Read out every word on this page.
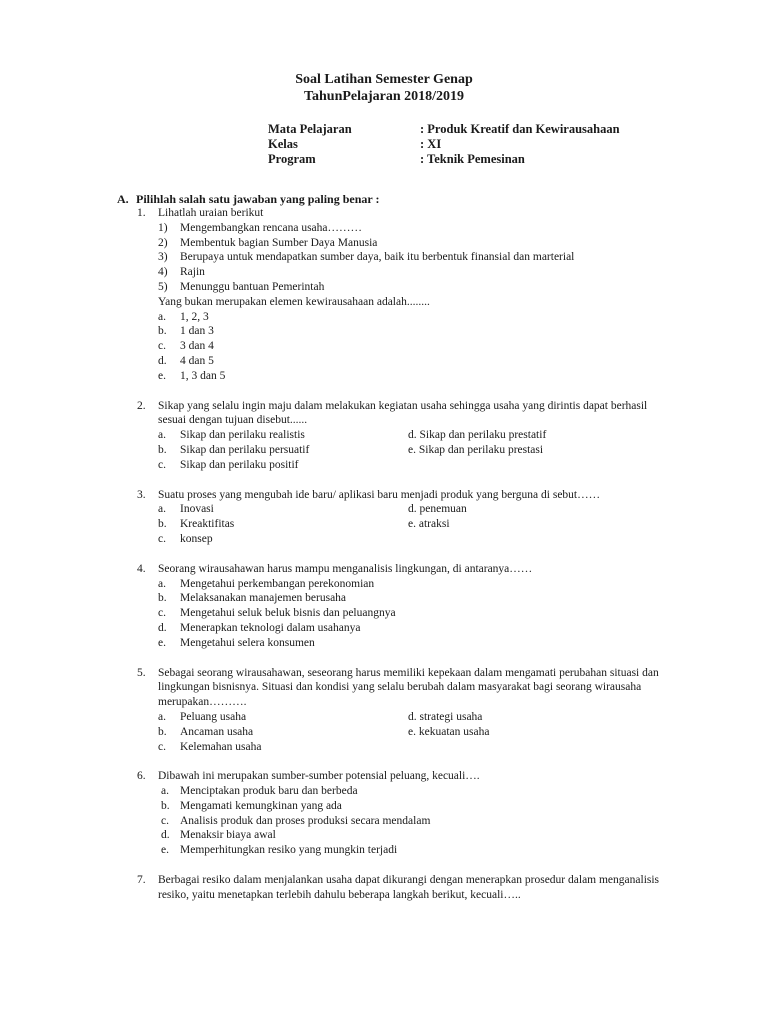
Soal Latihan Semester Genap
TahunPelajaran 2018/2019
Mata Pelajaran	: Produk Kreatif dan Kewirausahaan
Kelas	: XI
Program	: Teknik Pemesinan
A. Pilihlah salah satu jawaban yang paling benar :
1.	Lihatlah uraian berikut
1)	Mengembangkan rencana usaha………
2)	Membentuk bagian Sumber Daya Manusia
3)	Berupaya untuk mendapatkan sumber daya, baik itu berbentuk finansial dan marterial
4)	Rajin
5)	Menunggu bantuan Pemerintah
Yang bukan merupakan elemen kewirausahaan adalah........
a.	1, 2, 3
b.	1 dan 3
c.	3 dan 4
d.	4 dan 5
e.	1, 3 dan 5
2.	Sikap yang selalu ingin maju dalam melakukan kegiatan usaha sehingga usaha yang dirintis dapat berhasil sesuai dengan tujuan disebut......
a.	Sikap dan perilaku realistis	d. Sikap dan perilaku prestatif
b.	Sikap dan perilaku persuatif	e. Sikap dan perilaku prestasi
c.	Sikap dan perilaku positif
3.	Suatu proses yang mengubah ide baru/ aplikasi baru menjadi produk yang berguna di sebut……
a.	Inovasi	d. penemuan
b.	Kreaktifitas	e. atraksi
c.	konsep
4.	Seorang wirausahawan harus mampu menganalisis lingkungan, di antaranya……
a.	Mengetahui perkembangan perekonomian
b.	Melaksanakan manajemen berusaha
c.	Mengetahui seluk beluk bisnis dan peluangnya
d.	Menerapkan teknologi dalam usahanya
e.	Mengetahui selera konsumen
5.	Sebagai seorang wirausahawan, seseorang harus memiliki kepekaan dalam mengamati perubahan situasi dan lingkungan bisnisnya. Situasi dan kondisi yang selalu berubah dalam masyarakat bagi seorang wirausaha merupakan……….
a.	Peluang usaha	d. strategi usaha
b.	Ancaman usaha	e. kekuatan usaha
c.	Kelemahan usaha
6.	Dibawah ini merupakan sumber-sumber potensial peluang, kecuali….
a. Menciptakan produk baru dan berbeda
b. Mengamati kemungkinan yang ada
c. Analisis produk dan proses produksi secara mendalam
d. Menaksir biaya awal
e. Memperhitungkan resiko yang mungkin terjadi
7.	Berbagai resiko dalam menjalankan usaha dapat dikurangi dengan menerapkan prosedur dalam menganalisis resiko, yaitu menetapkan terlebih dahulu beberapa langkah berikut, kecuali…..
